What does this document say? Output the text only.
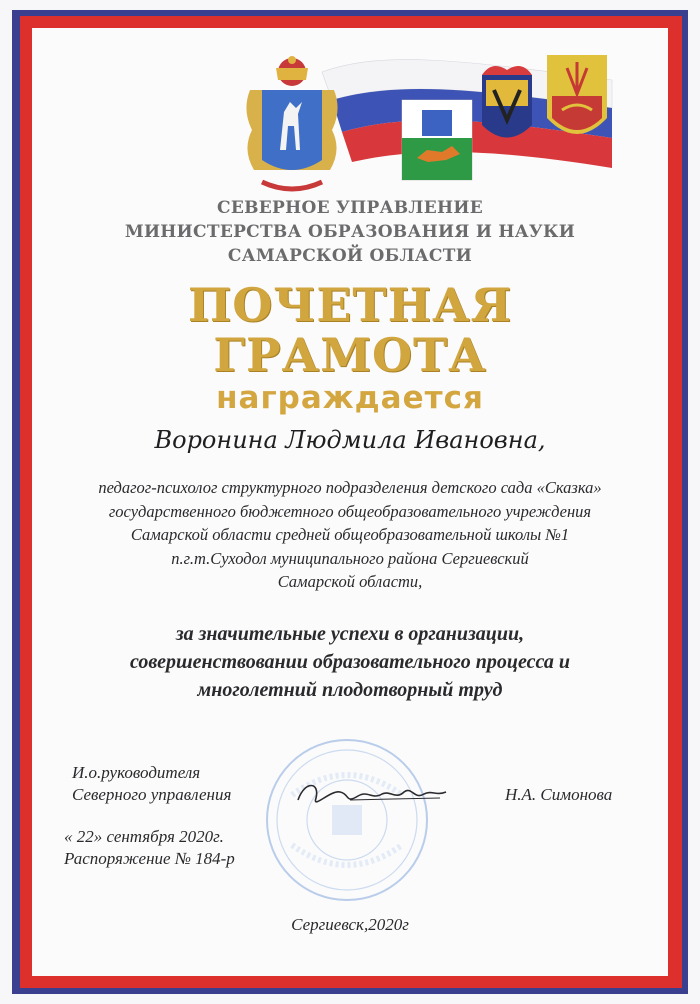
СЕВЕРНОЕ УПРАВЛЕНИЕ
МИНИСТЕРСТВА ОБРАЗОВАНИЯ И НАУКИ
САМАРСКОЙ ОБЛАСТИ
ПОЧЕТНАЯ
ГРАМОТА
награждается
Воронина Людмила Ивановна,
педагог-психолог структурного подразделения детского сада «Сказка»
государственного бюджетного общеобразовательного учреждения
Самарской области средней общеобразовательной школы №1
п.г.т.Суходол муниципального района Сергиевский
Самарской области,
за значительные успехи в организации,
совершенствовании образовательного процесса и
многолетний плодотворный труд
И.о.руководителя
Северного управления	Н.А. Симонова
« 22» сентября 2020г.
Распоряжение № 184-р
Сергиевск,2020г
